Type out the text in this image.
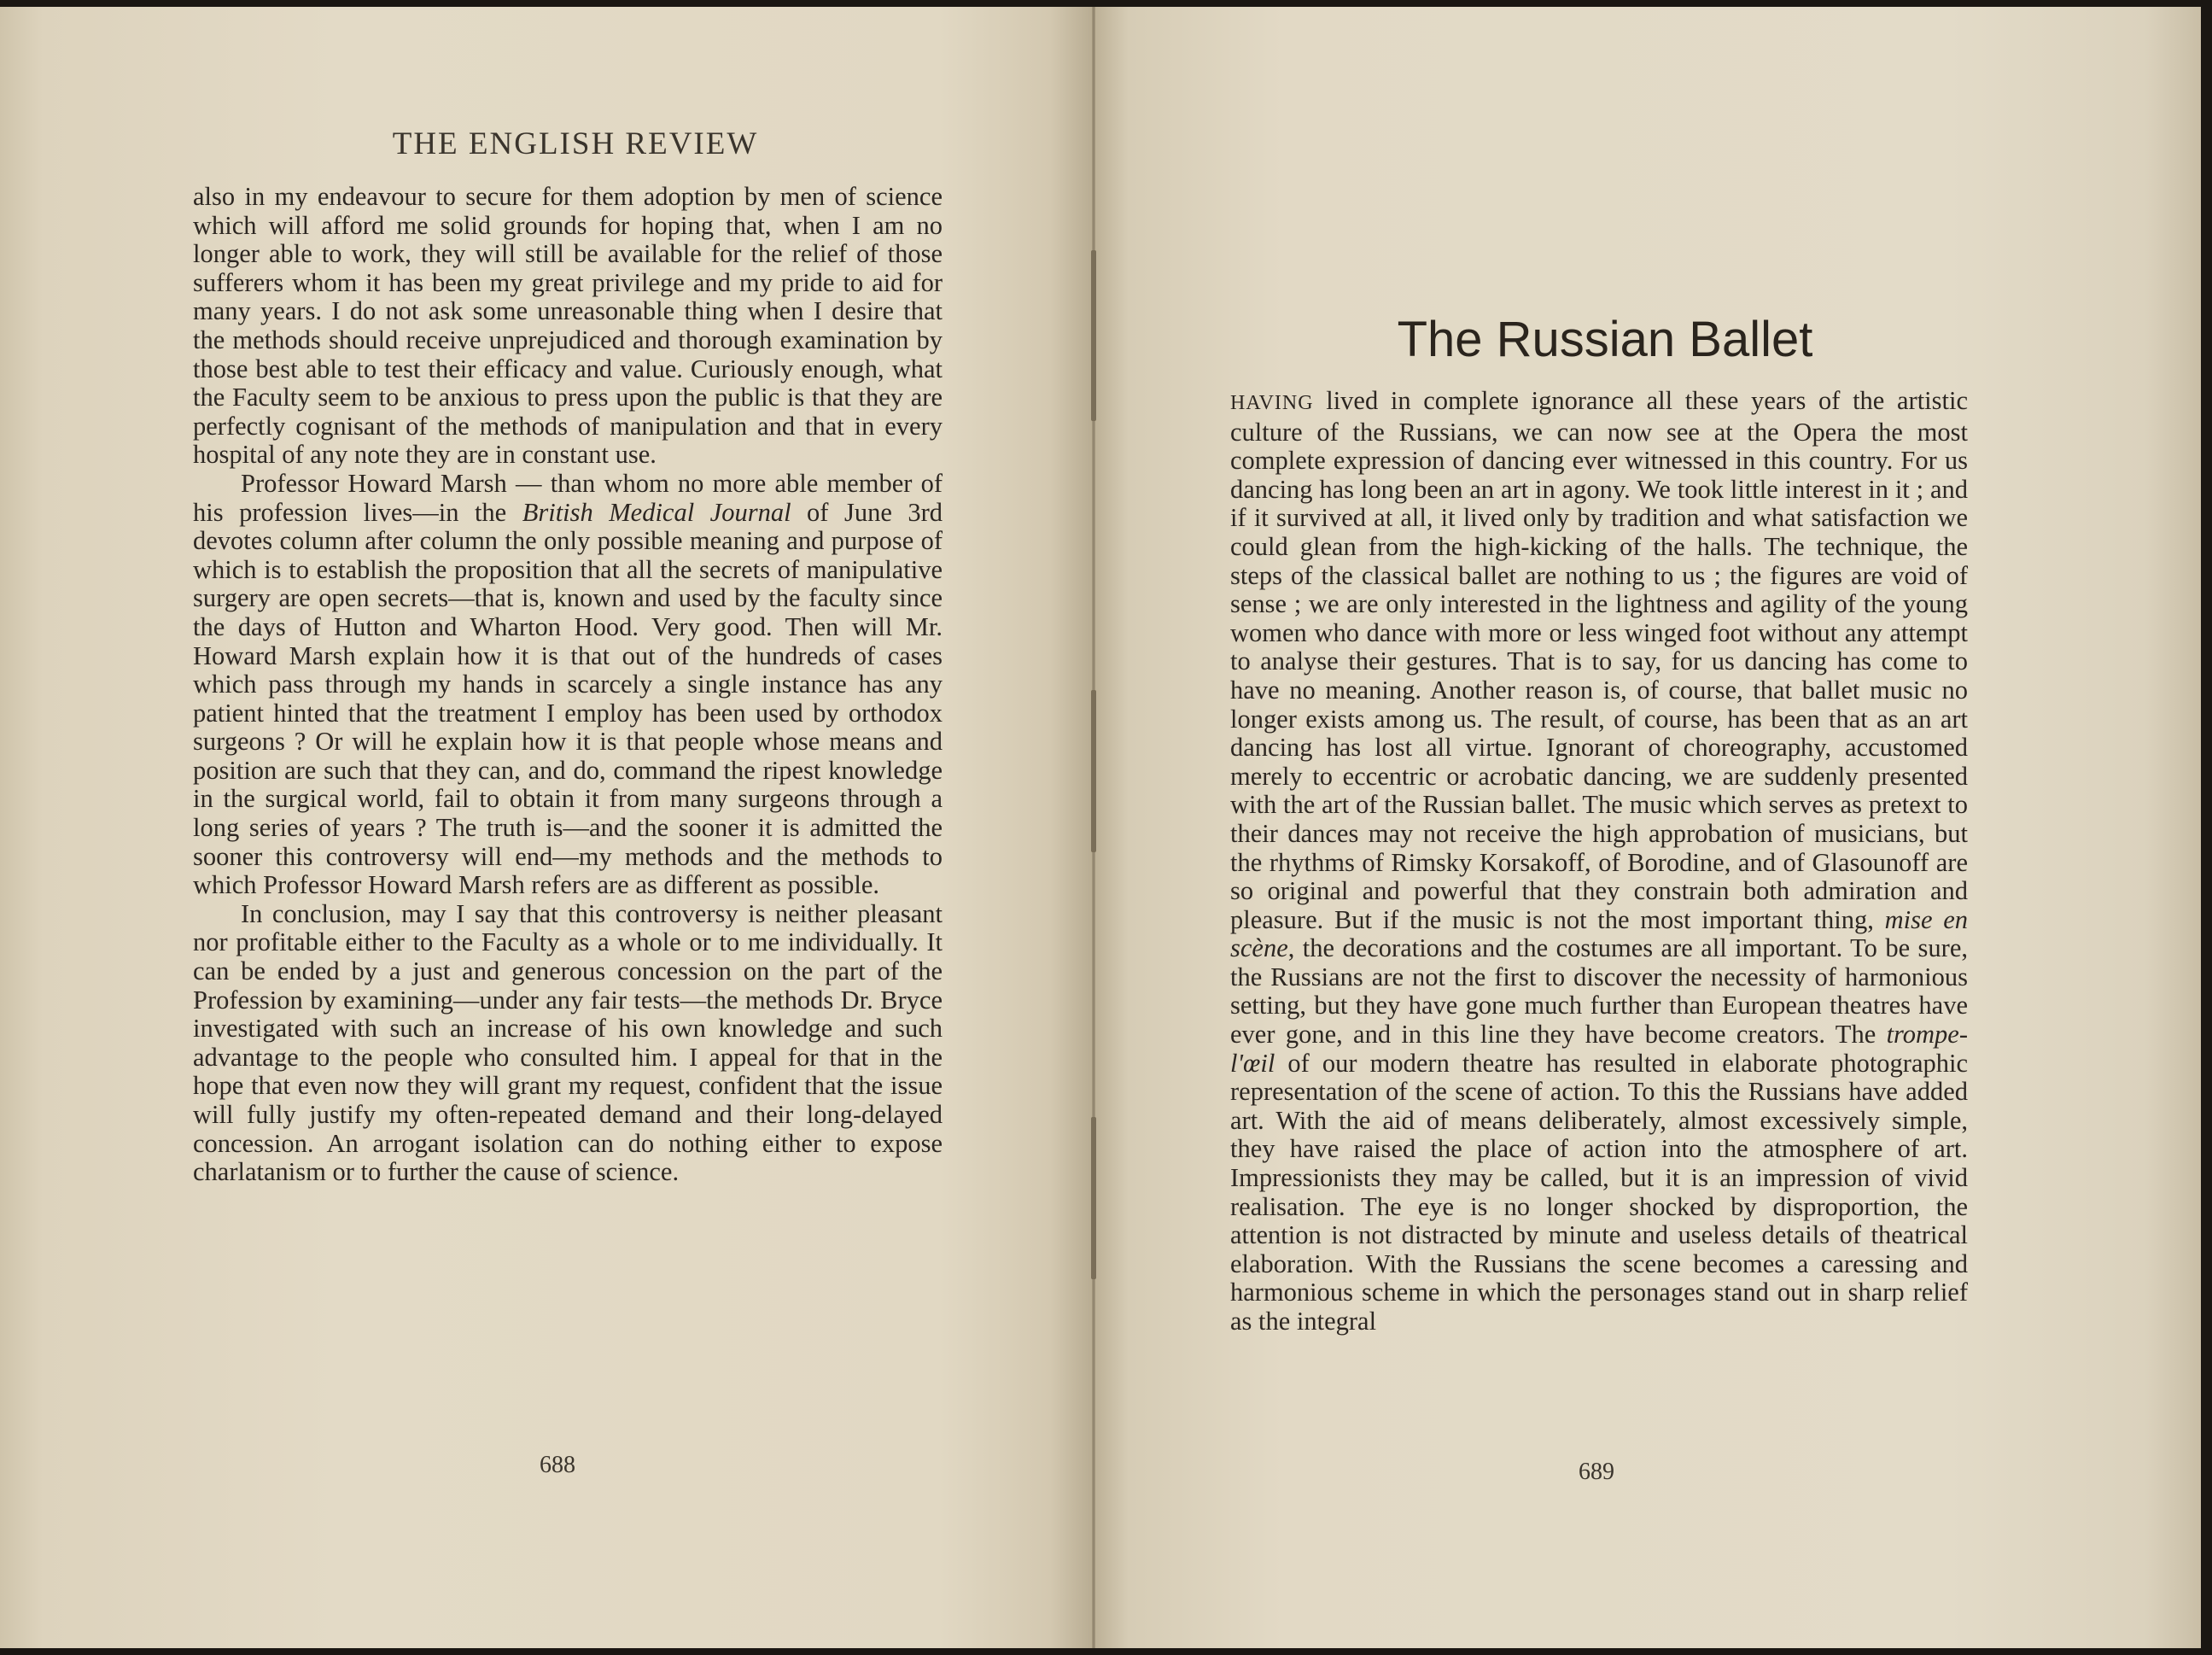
THE ENGLISH REVIEW

also in my endeavour to secure for them adoption by men of science which will afford me solid grounds for hoping that, when I am no longer able to work, they will still be available for the relief of those sufferers whom it has been my great privilege and my pride to aid for many years. I do not ask some unreasonable thing when I desire that the methods should receive unprejudiced and thorough examination by those best able to test their efficacy and value. Curiously enough, what the Faculty seem to be anxious to press upon the public is that they are perfectly cognisant of the methods of manipulation and that in every hospital of any note they are in constant use.

Professor Howard Marsh — than whom no more able member of his profession lives—in the British Medical Journal of June 3rd devotes column after column the only possible meaning and purpose of which is to establish the proposition that all the secrets of manipulative surgery are open secrets—that is, known and used by the faculty since the days of Hutton and Wharton Hood. Very good. Then will Mr. Howard Marsh explain how it is that out of the hundreds of cases which pass through my hands in scarcely a single instance has any patient hinted that the treatment I employ has been used by orthodox surgeons ? Or will he explain how it is that people whose means and position are such that they can, and do, command the ripest knowledge in the surgical world, fail to obtain it from many surgeons through a long series of years ? The truth is—and the sooner it is admitted the sooner this controversy will end—my methods and the methods to which Professor Howard Marsh refers are as different as possible.

In conclusion, may I say that this controversy is neither pleasant nor profitable either to the Faculty as a whole or to me individually. It can be ended by a just and generous concession on the part of the Profession by examining—under any fair tests—the methods Dr. Bryce investigated with such an increase of his own knowledge and such advantage to the people who consulted him. I appeal for that in the hope that even now they will grant my request, confident that the issue will fully justify my often-repeated demand and their long-delayed concession. An arrogant isolation can do nothing either to expose charlatanism or to further the cause of science.

688
The Russian Ballet

HAVING lived in complete ignorance all these years of the artistic culture of the Russians, we can now see at the Opera the most complete expression of dancing ever witnessed in this country. For us dancing has long been an art in agony. We took little interest in it ; and if it survived at all, it lived only by tradition and what satisfaction we could glean from the high-kicking of the halls. The technique, the steps of the classical ballet are nothing to us ; the figures are void of sense ; we are only interested in the lightness and agility of the young women who dance with more or less winged foot without any attempt to analyse their gestures. That is to say, for us dancing has come to have no meaning. Another reason is, of course, that ballet music no longer exists among us. The result, of course, has been that as an art dancing has lost all virtue. Ignorant of choreography, accustomed merely to eccentric or acrobatic dancing, we are suddenly presented with the art of the Russian ballet. The music which serves as pretext to their dances may not receive the high approbation of musicians, but the rhythms of Rimsky Korsakoff, of Borodine, and of Glasounoff are so original and powerful that they constrain both admiration and pleasure. But if the music is not the most important thing, mise en scène, the decorations and the costumes are all important. To be sure, the Russians are not the first to discover the necessity of harmonious setting, but they have gone much further than European theatres have ever gone, and in this line they have become creators. The trompe-l'œil of our modern theatre has resulted in elaborate photographic representation of the scene of action. To this the Russians have added art. With the aid of means deliberately, almost excessively simple, they have raised the place of action into the atmosphere of art. Impressionists they may be called, but it is an impression of vivid realisation. The eye is no longer shocked by disproportion, the attention is not distracted by minute and useless details of theatrical elaboration. With the Russians the scene becomes a caressing and harmonious scheme in which the personages stand out in sharp relief as the integral

689
